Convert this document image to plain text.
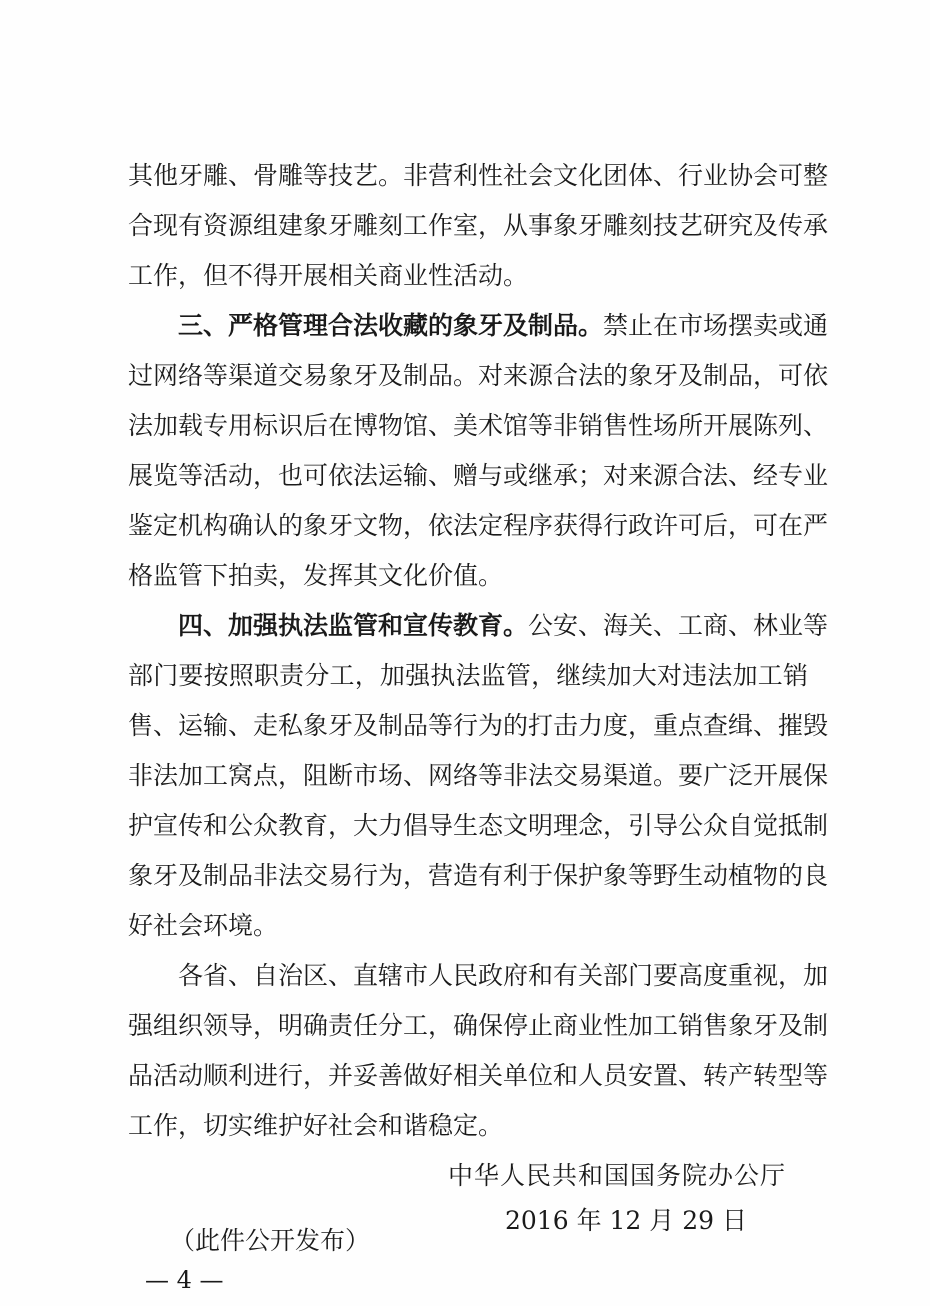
其他牙雕、骨雕等技艺。非营利性社会文化团体、行业协会可整
合现有资源组建象牙雕刻工作室，从事象牙雕刻技艺研究及传承
工作，但不得开展相关商业性活动。
三、严格管理合法收藏的象牙及制品。禁止在市场摆卖或通
过网络等渠道交易象牙及制品。对来源合法的象牙及制品，可依
法加载专用标识后在博物馆、美术馆等非销售性场所开展陈列、
展览等活动，也可依法运输、赠与或继承；对来源合法、经专业
鉴定机构确认的象牙文物，依法定程序获得行政许可后，可在严
格监管下拍卖，发挥其文化价值。
四、加强执法监管和宣传教育。公安、海关、工商、林业等
部门要按照职责分工，加强执法监管，继续加大对违法加工销
售、运输、走私象牙及制品等行为的打击力度，重点查缉、摧毁
非法加工窝点，阻断市场、网络等非法交易渠道。要广泛开展保
护宣传和公众教育，大力倡导生态文明理念，引导公众自觉抵制
象牙及制品非法交易行为，营造有利于保护象等野生动植物的良
好社会环境。
各省、自治区、直辖市人民政府和有关部门要高度重视，加
强组织领导，明确责任分工，确保停止商业性加工销售象牙及制
品活动顺利进行，并妥善做好相关单位和人员安置、转产转型等
工作，切实维护好社会和谐稳定。
中华人民共和国国务院办公厅
2016 年 12 月 29 日
（此件公开发布）
— 4 —
